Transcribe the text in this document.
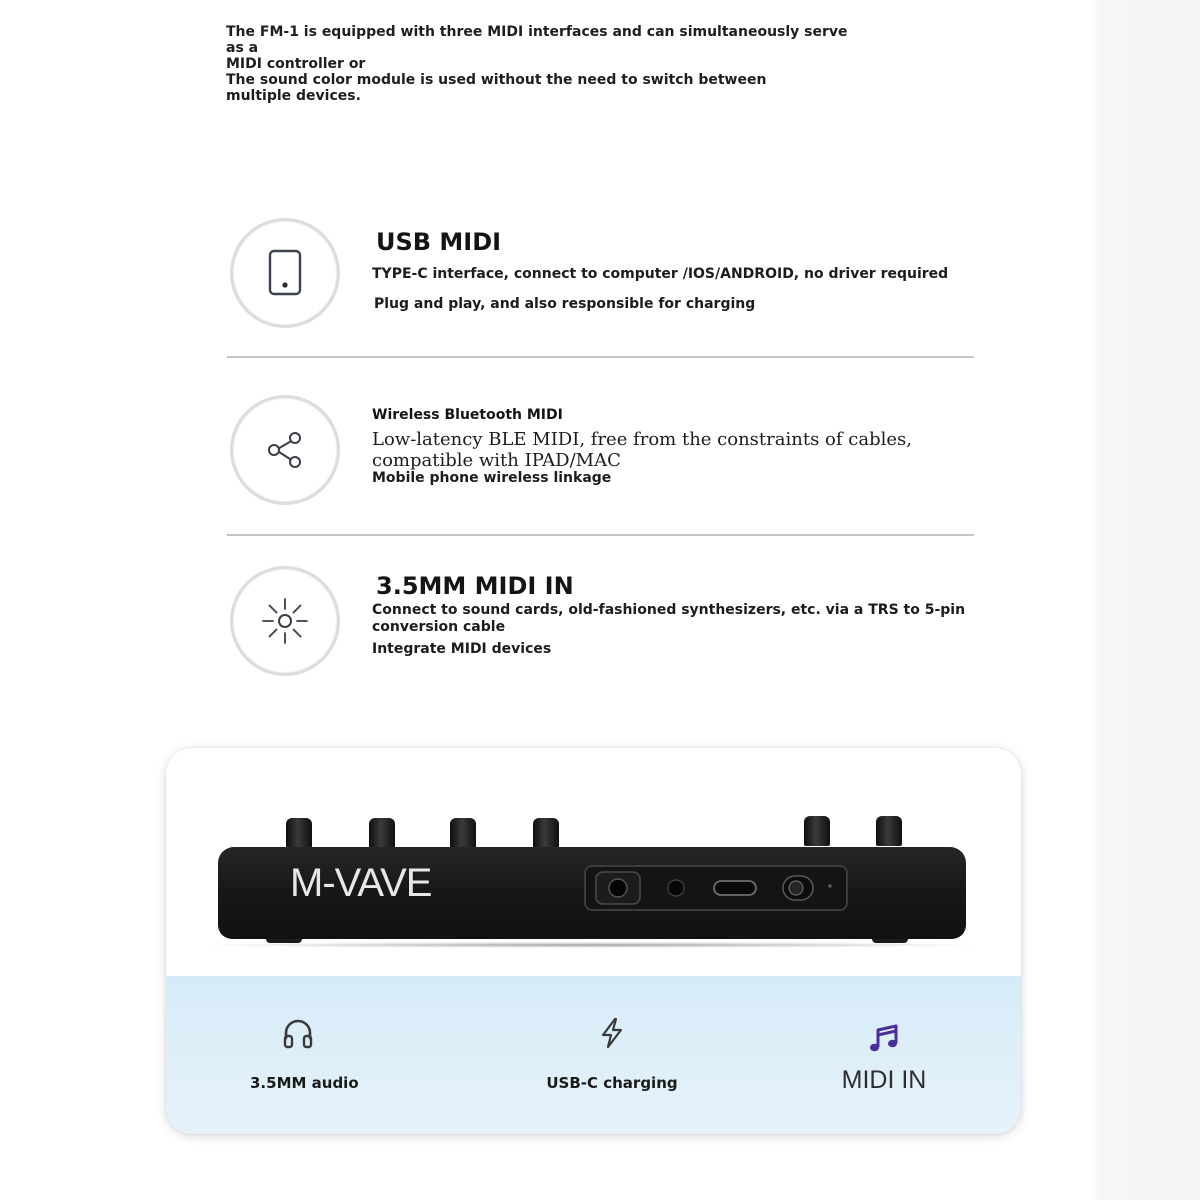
The FM-1 is equipped with three MIDI interfaces and can simultaneously serve as a
MIDI controller or
The sound color module is used without the need to switch between
multiple devices.
USB MIDI
TYPE-C interface, connect to computer /IOS/ANDROID, no driver required
Plug and play, and also responsible for charging
Wireless Bluetooth MIDI
Low-latency BLE MIDI, free from the constraints of cables,
compatible with IPAD/MAC
Mobile phone wireless linkage
3.5MM MIDI IN
Connect to sound cards, old-fashioned synthesizers, etc. via a TRS to 5-pin
conversion cable
Integrate MIDI devices
M-VAVE
3.5MM audio	USB-C charging	MIDI IN
